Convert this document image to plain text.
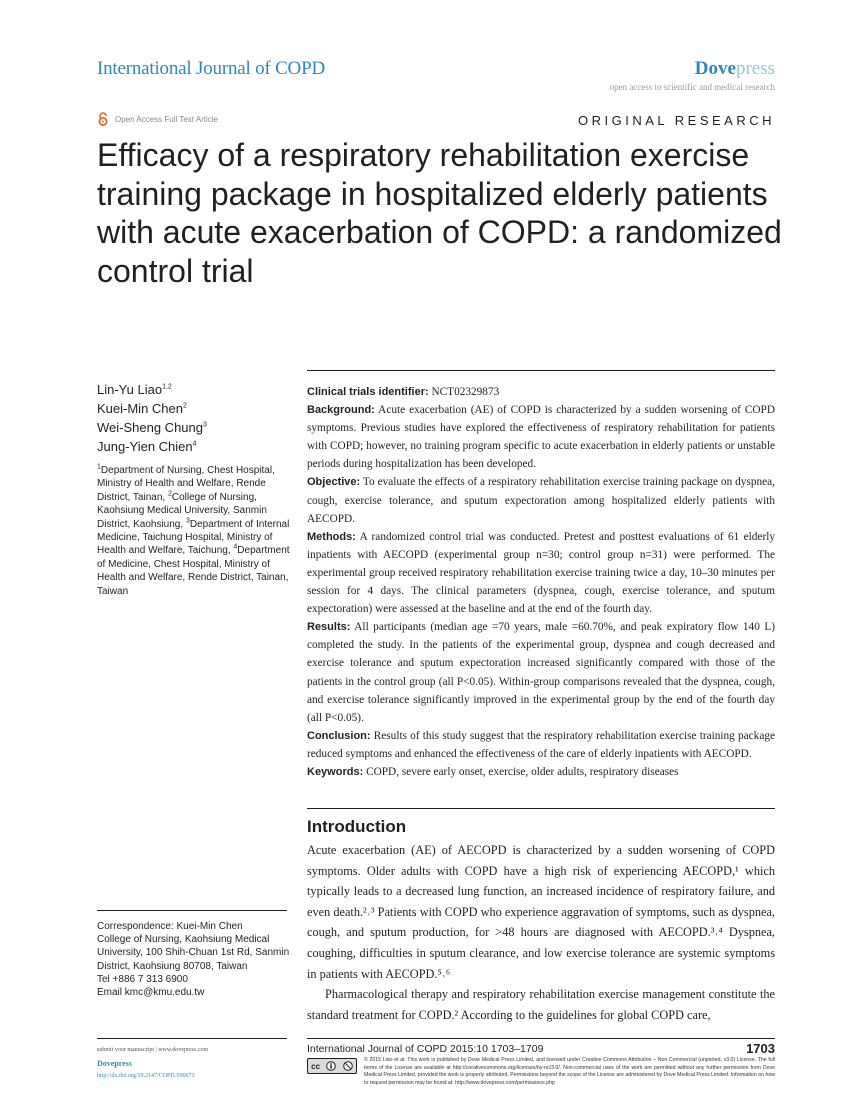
International Journal of COPD	Dovepress
open access to scientific and medical research
Open Access Full Text Article	ORIGINAL RESEARCH
Efficacy of a respiratory rehabilitation exercise training package in hospitalized elderly patients with acute exacerbation of COPD: a randomized control trial
Lin-Yu Liao$^{1,2}$
Kuei-Min Chen$^2$
Wei-Sheng Chung$^3$
Jung-Yien Chien$^4$
$^1$Department of Nursing, Chest Hospital, Ministry of Health and Welfare, Rende District, Tainan, $^2$College of Nursing, Kaohsiung Medical University, Sanmin District, Kaohsiung, $^3$Department of Internal Medicine, Taichung Hospital, Ministry of Health and Welfare, Taichung, $^4$Department of Medicine, Chest Hospital, Ministry of Health and Welfare, Rende District, Tainan, Taiwan
Correspondence: Kuei-Min Chen
College of Nursing, Kaohsiung Medical University, 100 Shih-Chuan 1st Rd, Sanmin District, Kaohsiung 80708, Taiwan
Tel +886 7 313 6900
Email kmc@kmu.edu.tw

Clinical trials identifier: NCT02329873

Background: Acute exacerbation (AE) of COPD is characterized by a sudden worsening of COPD symptoms. Previous studies have explored the effectiveness of respiratory rehabilitation for patients with COPD; however, no training program specific to acute exacerbation in elderly patients or unstable periods during hospitalization has been developed.

Objective: To evaluate the effects of a respiratory rehabilitation exercise training package on dyspnea, cough, exercise tolerance, and sputum expectoration among hospitalized elderly patients with AECOPD.

Methods: A randomized control trial was conducted. Pretest and posttest evaluations of 61 elderly inpatients with AECOPD (experimental group n=30; control group n=31) were performed. The experimental group received respiratory rehabilitation exercise training twice a day, 10–30 minutes per session for 4 days. The clinical parameters (dyspnea, cough, exercise tolerance, and sputum expectoration) were assessed at the baseline and at the end of the fourth day.

Results: All participants (median age =70 years, male =60.70%, and peak expiratory flow 140 L) completed the study. In the patients of the experimental group, dyspnea and cough decreased and exercise tolerance and sputum expectoration increased significantly compared with those of the patients in the control group (all P<0.05). Within-group comparisons revealed that the dyspnea, cough, and exercise tolerance significantly improved in the experimental group by the end of the fourth day (all P<0.05).

Conclusion: Results of this study suggest that the respiratory rehabilitation exercise training package reduced symptoms and enhanced the effectiveness of the care of elderly inpatients with AECOPD.

Keywords: COPD, severe early onset, exercise, older adults, respiratory diseases

Introduction

Acute exacerbation (AE) of AECOPD is characterized by a sudden worsening of COPD symptoms. Older adults with COPD have a high risk of experiencing AECOPD,¹ which typically leads to a decreased lung function, an increased incidence of respiratory failure, and even death.²˒³ Patients with COPD who experience aggravation of symptoms, such as dyspnea, cough, and sputum production, for >48 hours are diagnosed with AECOPD.³˒⁴ Dyspnea, coughing, difficulties in sputum clearance, and low exercise tolerance are systemic symptoms in patients with AECOPD.⁵˒⁶

Pharmacological therapy and respiratory rehabilitation exercise management constitute the standard treatment for COPD.² According to the guidelines for global COPD care,

submit your manuscript | www.dovepress.com
Dovepress
http://dx.doi.org/10.2147/COPD.S90673
International Journal of COPD 2015:10 1703–1709	1703
cc
© 2015 Liao et al. This work is published by Dove Medical Press Limited, and licensed under Creative Commons Attribution – Non Commercial (unported, v3.0) License. The full terms of the License are available at http://creativecommons.org/licenses/by-nc/3.0/. Non-commercial uses of the work are permitted without any further permission from Dove Medical Press Limited, provided the work is properly attributed. Permissions beyond the scope of the License are administered by Dove Medical Press Limited. Information on how to request permission may be found at: http://www.dovepress.com/permissions.php
